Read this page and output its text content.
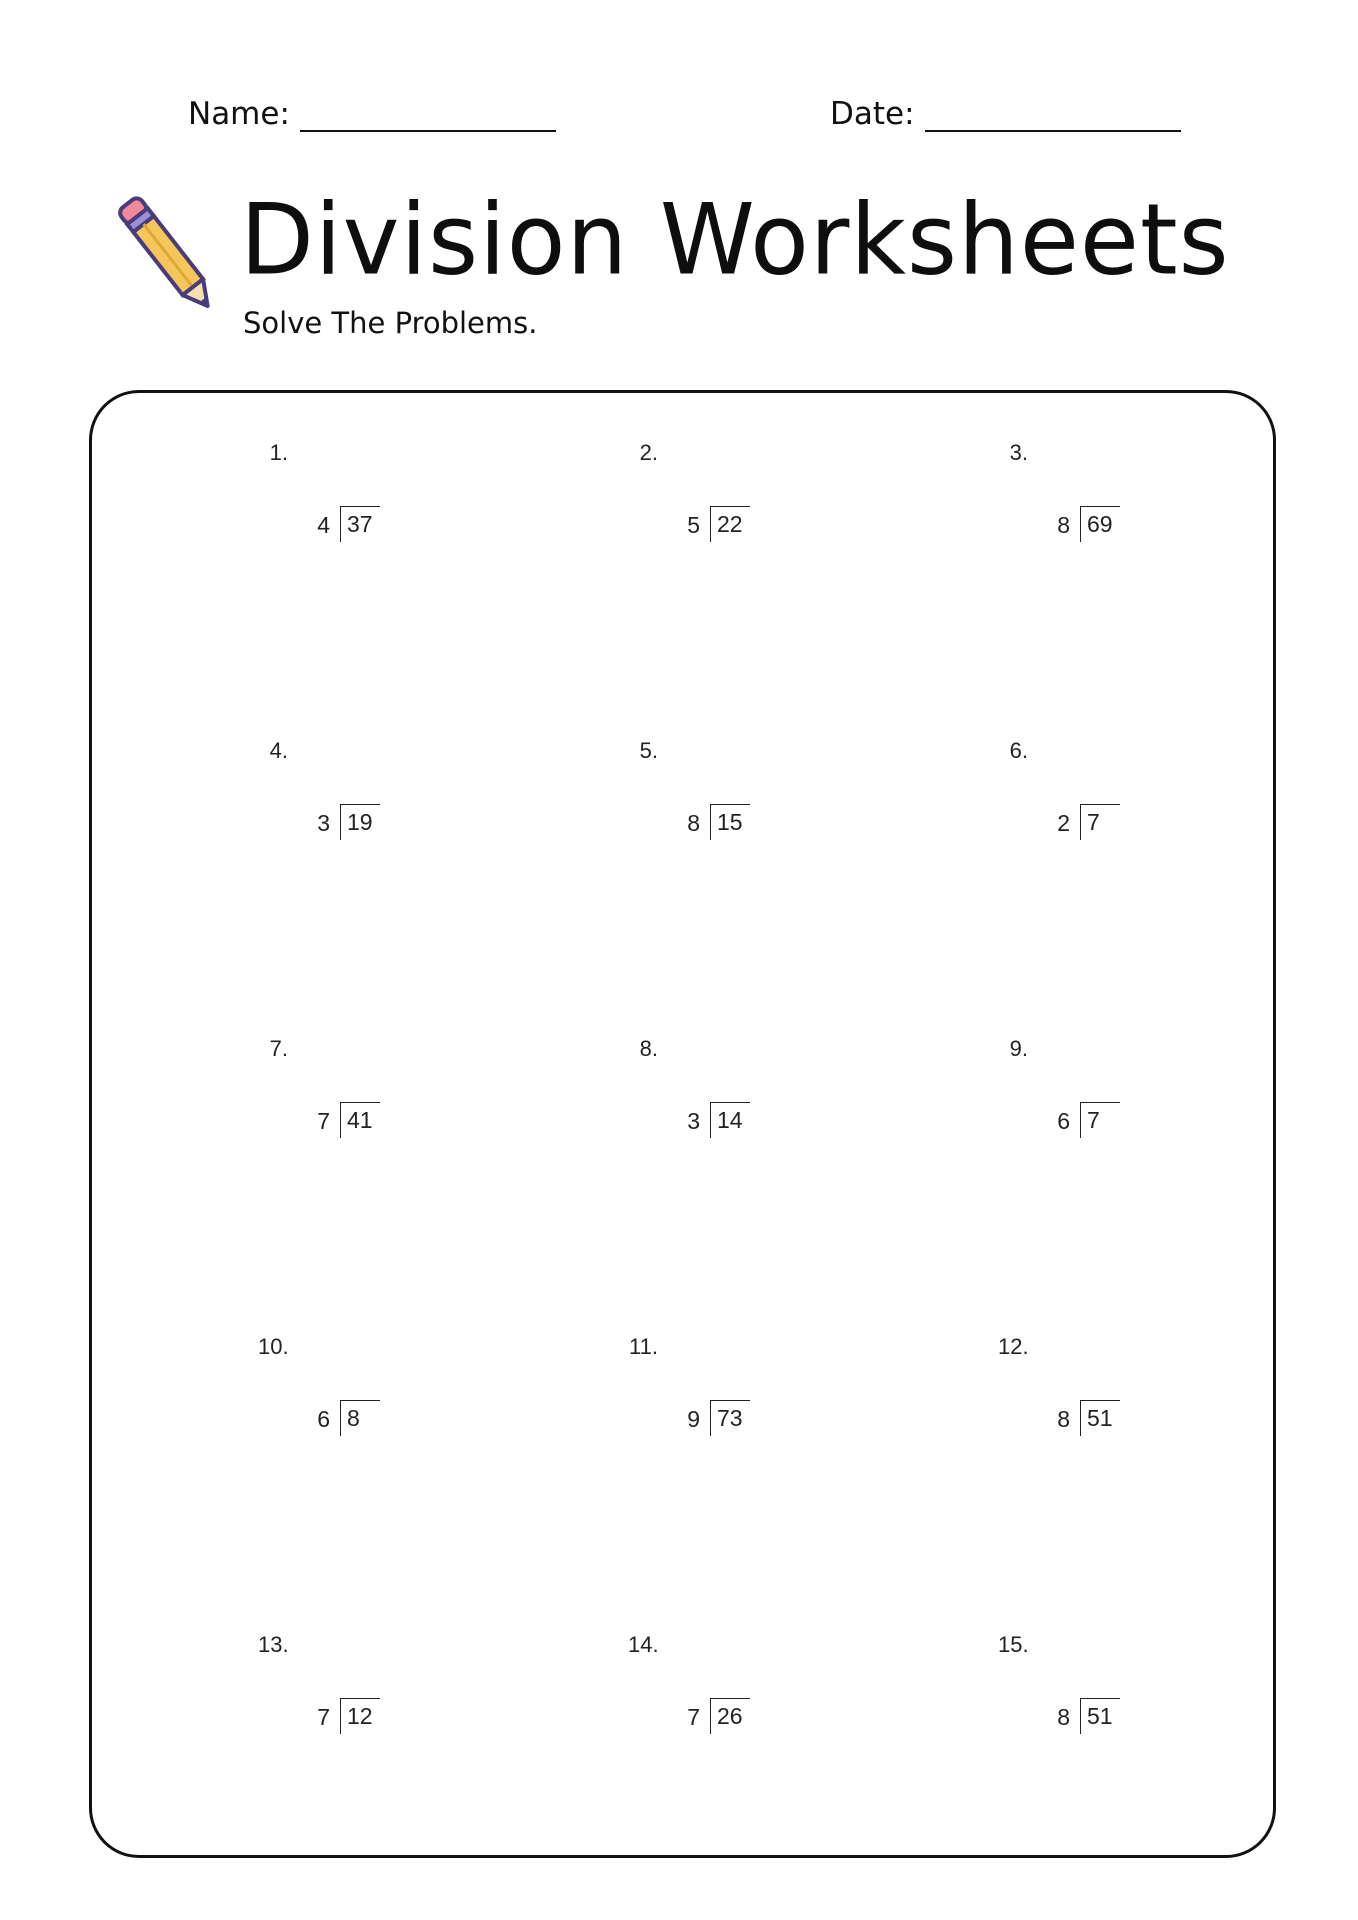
Name:	Date:
Division Worksheets
Solve The Problems.
1.
4 37
2.
5 22
3.
8 69
4.
3 19
5.
8 15
6.
2 7
7.
7 41
8.
3 14
9.
6 7
10.
6 8
11.
9 73
12.
8 51
13.
7 12
14.
7 26
15.
8 51
